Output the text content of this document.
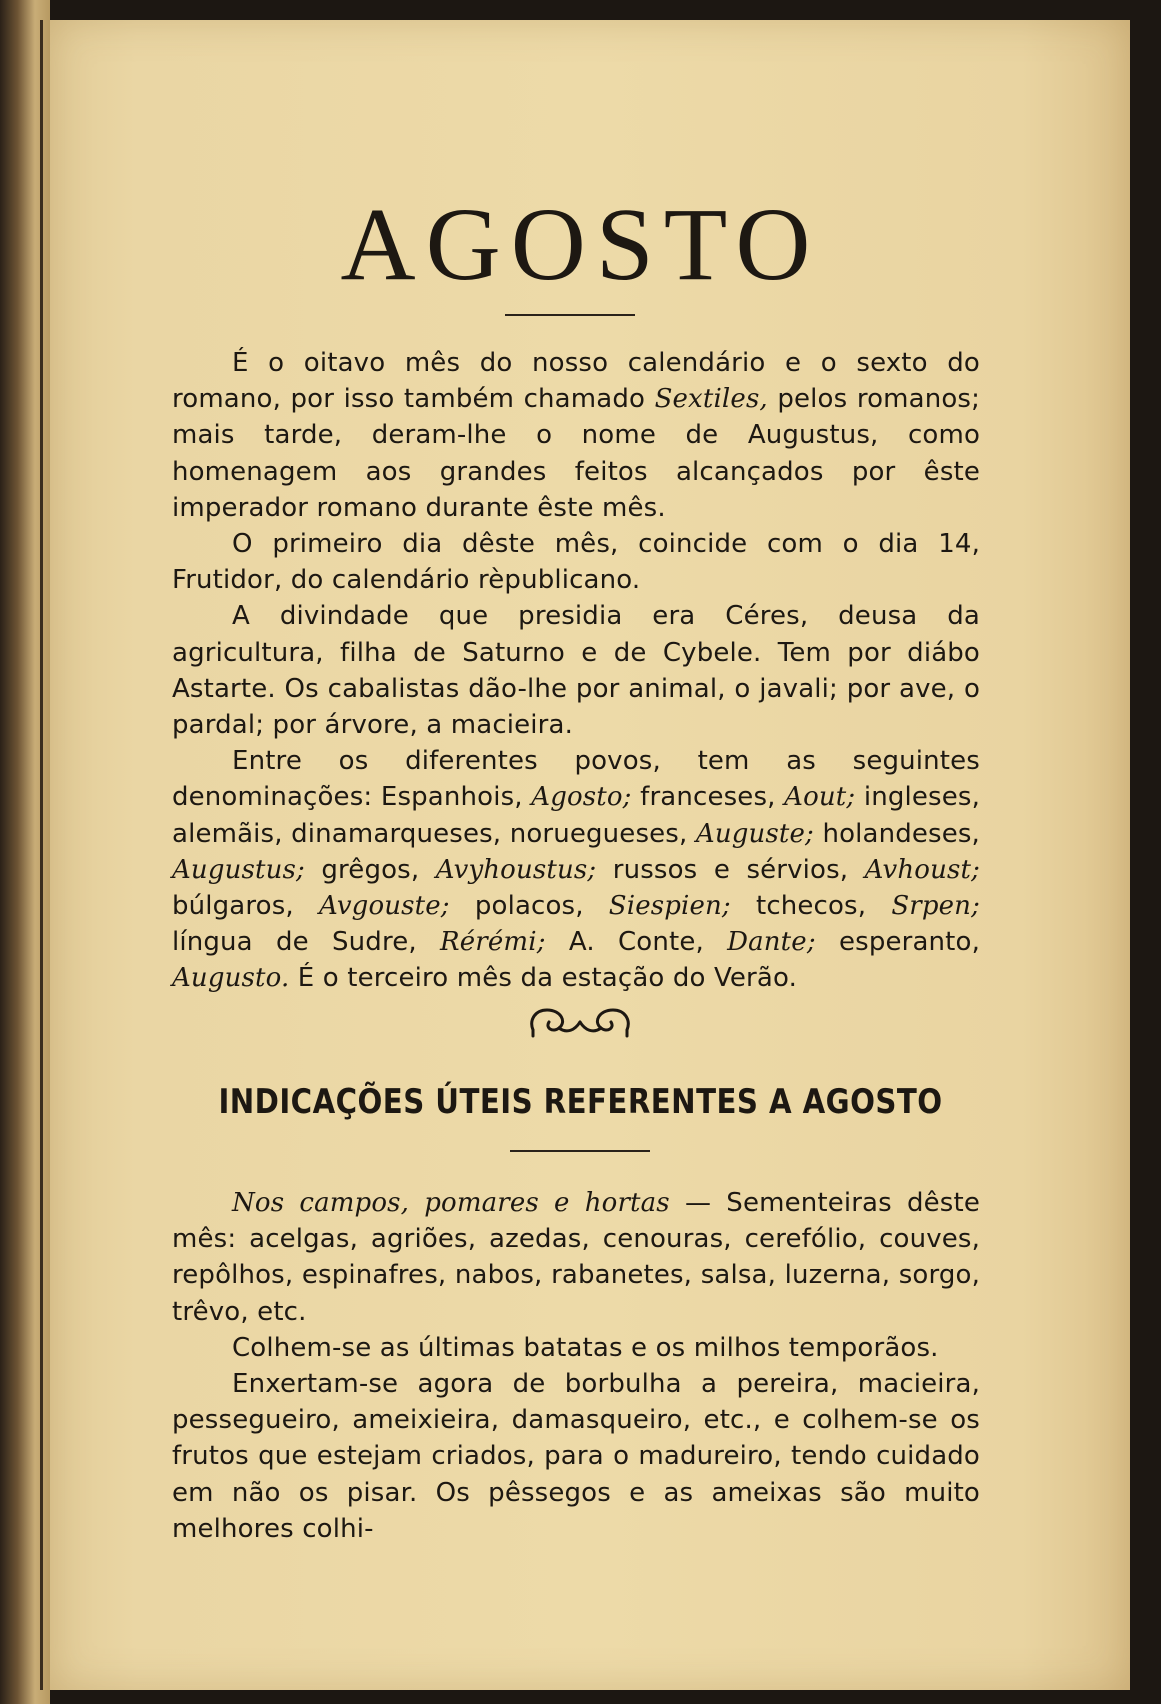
AGOSTO

É o oitavo mês do nosso calendário e o sexto do romano, por isso também chamado Sextiles, pelos romanos; mais tarde, deram-lhe o nome de Augustus, como homenagem aos grandes feitos alcançados por êste imperador romano durante êste mês.

O primeiro dia dêste mês, coincide com o dia 14, Frutidor, do calendário rèpublicano.

A divindade que presidia era Céres, deusa da agricultura, filha de Saturno e de Cybele. Tem por diábo Astarte. Os cabalistas dão-lhe por animal, o javali; por ave, o pardal; por árvore, a macieira.

Entre os diferentes povos, tem as seguintes denominações: Espanhois, Agosto; franceses, Aout; ingleses, alemãis, dinamarqueses, noruegueses, Auguste; holandeses, Augustus; grêgos, Avyhoustus; russos e sérvios, Avhoust; búlgaros, Avgouste; polacos, Siespien; tchecos, Srpen; língua de Sudre, Rérémi; A. Conte, Dante; esperanto, Augusto. É o terceiro mês da estação do Verão.

INDICAÇÕES ÚTEIS REFERENTES A AGOSTO

Nos campos, pomares e hortas — Sementeiras dêste mês: acelgas, agriões, azedas, cenouras, cerefólio, couves, repôlhos, espinafres, nabos, rabanetes, salsa, luzerna, sorgo, trêvo, etc.

Colhem-se as últimas batatas e os milhos temporãos.

Enxertam-se agora de borbulha a pereira, macieira, pessegueiro, ameixieira, damasqueiro, etc., e colhem-se os frutos que estejam criados, para o madureiro, tendo cuidado em não os pisar. Os pêssegos e as ameixas são muito melhores colhi-
